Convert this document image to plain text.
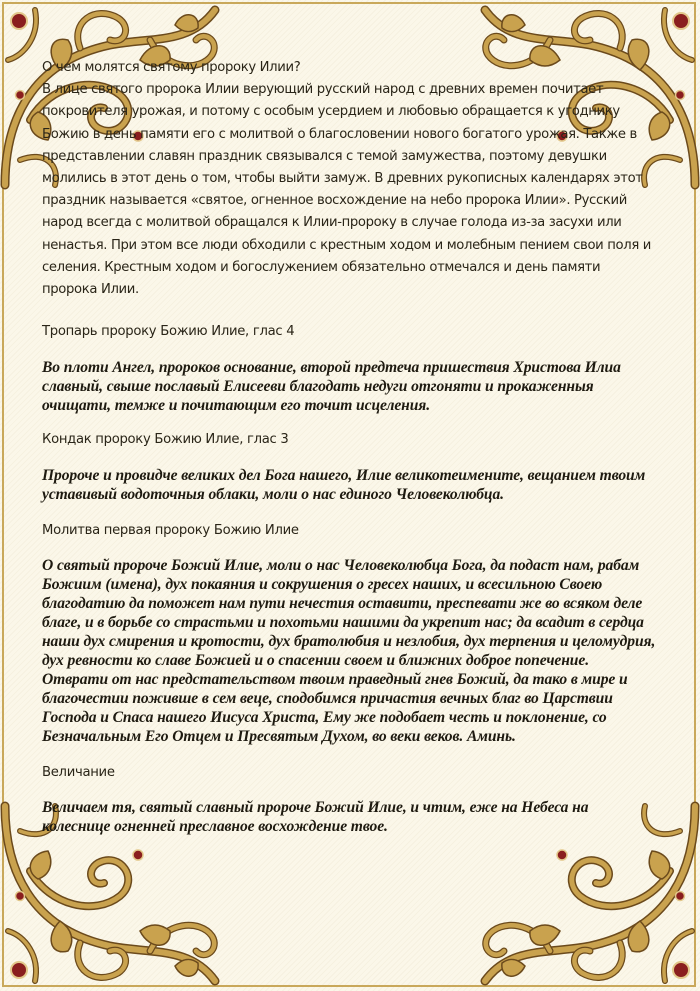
О чем молятся святому пророку Илии?

В лице святого пророка Илии верующий русский народ с древних времен почитает покровителя урожая, и потому с особым усердием и любовью обращается к угоднику Божию в день памяти его с молитвой о благословении нового богатого урожая. Также в представлении славян праздник связывался с темой замужества, поэтому девушки молились в этот день о том, чтобы выйти замуж. В древних рукописных календарях этот праздник называется «святое, огненное восхождение на небо пророка Илии». Русский народ всегда с молитвой обращался к Илии-пророку в случае голода из-за засухи или ненастья. При этом все люди обходили с крестным ходом и молебным пением свои поля и селения. Крестным ходом и богослужением обязательно отмечался и день памяти пророка Илии.

Тропарь пророку Божию Илие, глас 4

Во плоти Ангел, пророков основание, второй предтеча пришествия Христова Илиа славный, свыше пославый Елисееви благодать недуги отгоняти и прокаженныя очищати, темже и почитающим его точит исцеления.

Кондак пророку Божию Илие, глас 3

Пророче и провидче великих дел Бога нашего, Илие великотеимените, вещанием твоим уставивый водоточныя облаки, моли о нас единого Человеколюбца.

Молитва первая пророку Божию Илие

О святый пророче Божий Илие, моли о нас Человеколюбца Бога, да подаст нам, рабам Божиим (имена), дух покаяния и сокрушения о гресех наших, и всесильною Своею благодатию да поможет нам пути нечестия оставити, преспевати же во всяком деле благе, и в борьбе со страстьми и похотьми нашими да укрепит нас; да всадит в сердца наши дух смирения и кротости, дух братолюбия и незлобия, дух терпения и целомудрия, дух ревности ко славе Божией и о спасении своем и ближних доброе попечение. Отврати от нас предстательством твоим праведный гнев Божий, да тако в мире и благочестии поживше в сем веце, сподобимся причастия вечных благ во Царствии Господа и Спаса нашего Иисуса Христа, Ему же подобает честь и поклонение, со Безначальным Его Отцем и Пресвятым Духом, во веки веков. Аминь.

Величание

Величаем тя, святый славный пророче Божий Илие, и чтим, еже на Небеса на колеснице огненней преславное восхождение твое.
